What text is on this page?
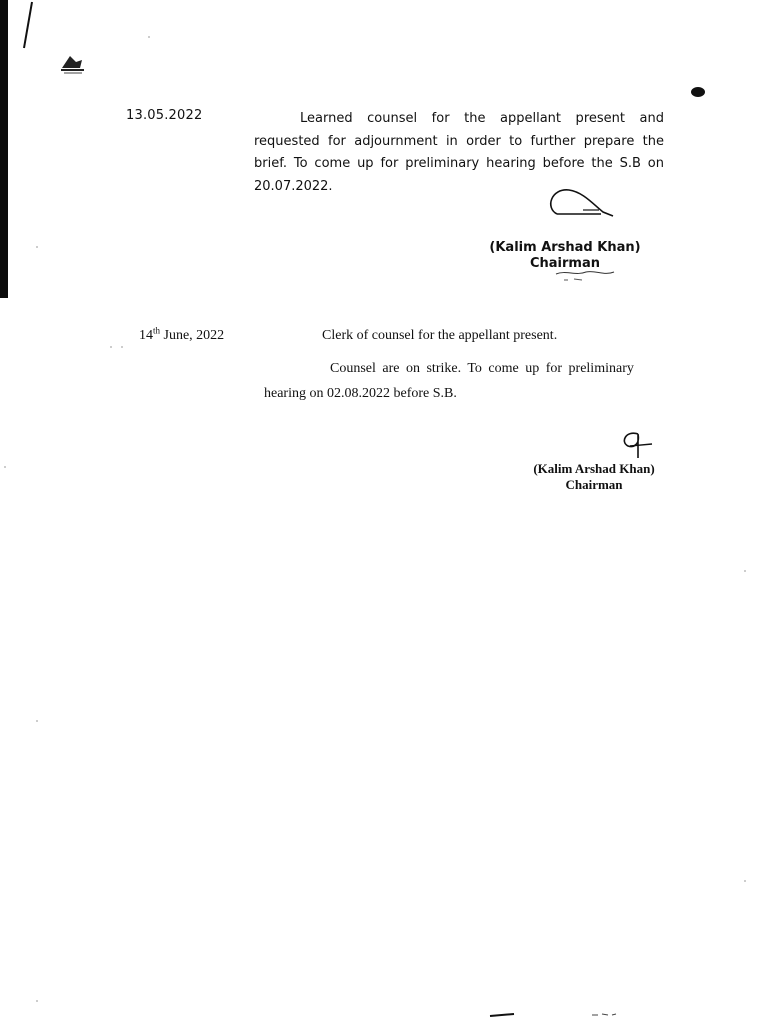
13.05.2022	Learned counsel for the appellant present and requested for adjournment in order to further prepare the brief. To come up for preliminary hearing before the S.B on 20.07.2022.
(Kalim Arshad Khan)
Chairman
14th June, 2022	Clerk of counsel for the appellant present.
Counsel are on strike. To come up for preliminary
hearing on 02.08.2022 before S.B.
(Kalim Arshad Khan)
Chairman
